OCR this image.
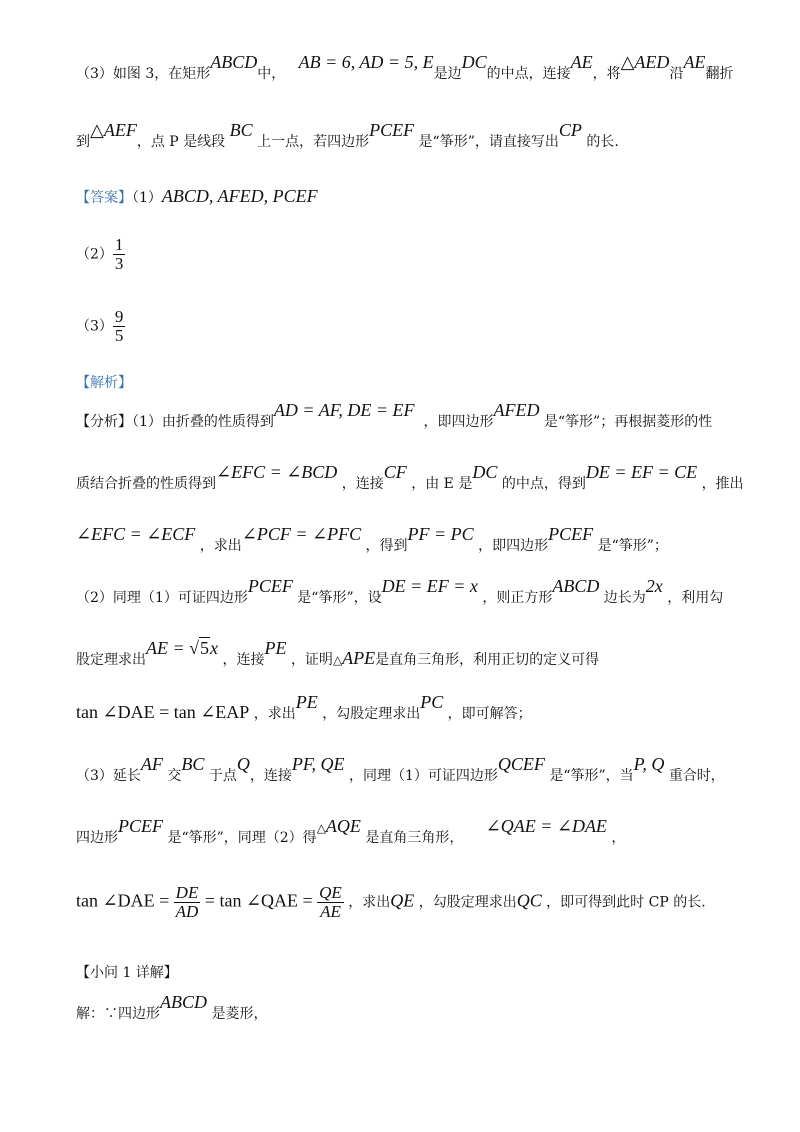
（3）如图 3，在矩形ABCD中，   AB = 6, AD = 5, E是边DC的中点，连接AE，将△AED沿AE翻折
到△AEF，点 P 是线段 BC 上一点，若四边形PCEF 是“筝形”，请直接写出CP 的长.
【答案】（1）ABCD, AFED, PCEF
$(2) \frac{1}{3}$
$(3) \frac{9}{5}$
【解析】
【分析】（1）由折叠的性质得到AD = AF, DE = EF  ，即四边形AFED 是“筝形”；再根据菱形的性
质结合折叠的性质得到∠EFC = ∠BCD ，连接CF ，由 E 是DC 的中点，得到DE = EF = CE ，推出
∠EFC = ∠ECF ，求出∠PCF = ∠PFC ，得到PF = PC ，即四边形PCEF 是“筝形”；
（2）同理（1）可证四边形PCEF 是“筝形”，设DE = EF = x ，则正方形ABCD 边长为2x ，利用勾
股定理求出AE = √5x ，连接PE ，证明△APE是直角三角形，利用正切的定义可得
tan ∠DAE = tan ∠EAP ，求出PE ，勾股定理求出PC ，即可解答；
（3）延长AF 交BC 于点Q，连接PF, QE ，同理（1）可证四边形QCEF 是“筝形”，当P, Q 重合时，
四边形PCEF 是“筝形”，同理（2）得△AQE 是直角三角形，     ∠QAE = ∠DAE ，
tan ∠DAE = $\frac{DE}{AD} = \tan$ ∠QAE = $\frac{QE}{AE}$ ，求出QE ，勾股定理求出QC ，即可得到此时 CP 的长.
【小问 1 详解】
解：∵四边形ABCD 是菱形，
